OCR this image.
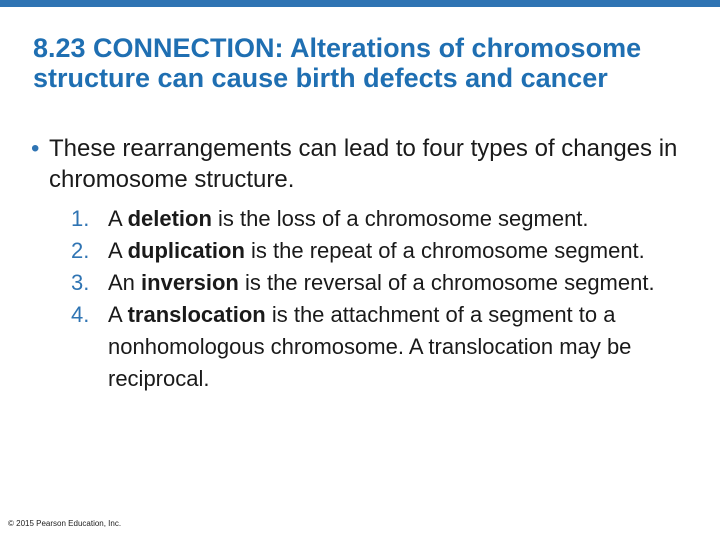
8.23 CONNECTION: Alterations of chromosome structure can cause birth defects and cancer
• These rearrangements can lead to four types of changes in chromosome structure.
1. A deletion is the loss of a chromosome segment.
2. A duplication is the repeat of a chromosome segment.
3. An inversion is the reversal of a chromosome segment.
4. A translocation is the attachment of a segment to a nonhomologous chromosome. A translocation may be reciprocal.
© 2015 Pearson Education, Inc.
